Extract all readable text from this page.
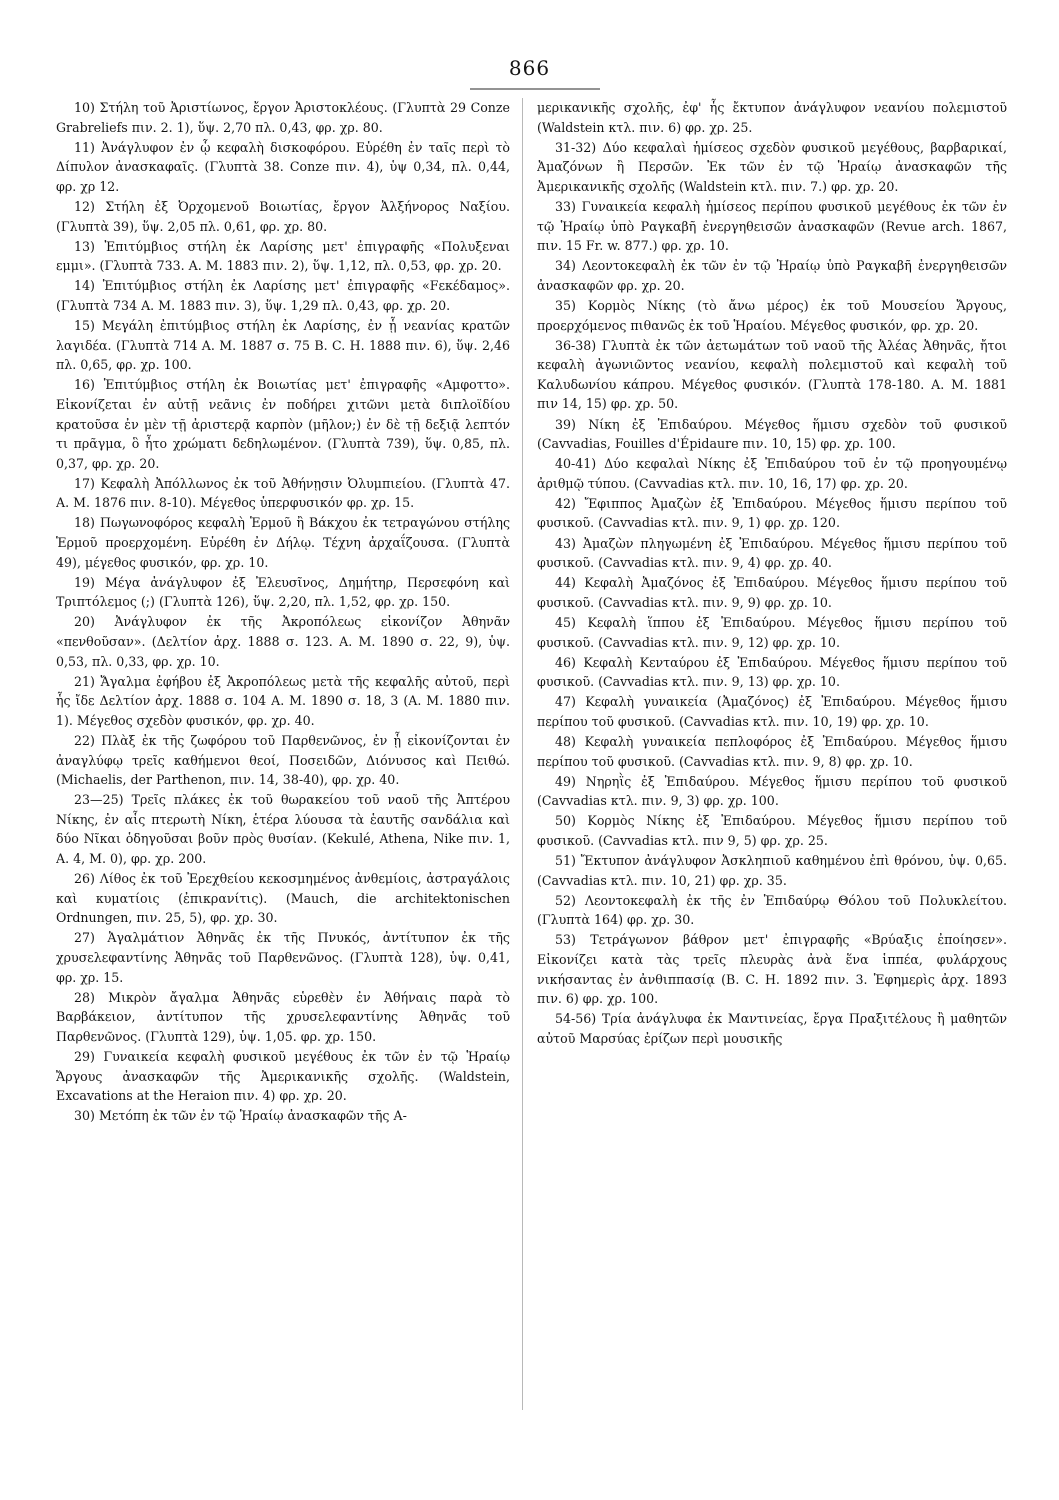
866

10) Στήλη τοῦ Ἀριστίωνος, ἔργον Ἀριστοκλέους. (Γλυπτὰ 29 Conze Grabreliefs πιν. 2. 1), ὕψ. 2,70 πλ. 0,43, φρ. χρ. 80.

11) Ἀνάγλυφον ἐν ᾧ κεφαλὴ δισκοφόρου. Εὑρέθη ἐν ταῖς περὶ τὸ Δίπυλον ἀνασκαφαῖς. (Γλυπτὰ 38. Conze πιν. 4), ὑψ 0,34, πλ. 0,44, φρ. χρ 12.

12) Στήλη ἐξ Ὀρχομενοῦ Βοιωτίας, ἔργον Ἀλξήνορος Ναξίου. (Γλυπτὰ 39), ὕψ. 2,05 πλ. 0,61, φρ. χρ. 80.

13) Ἐπιτύμβιος στήλη ἐκ Λαρίσης μετ' ἐπιγραφῆς «Πολυξεναι εμμι». (Γλυπτὰ 733. Α. Μ. 1883 πιν. 2), ὕψ. 1,12, πλ. 0,53, φρ. χρ. 20.

14) Ἐπιτύμβιος στήλη ἐκ Λαρίσης μετ' ἐπιγραφῆς «Fεκέδαμος». (Γλυπτὰ 734 Α. Μ. 1883 πιν. 3), ὕψ. 1,29 πλ. 0,43, φρ. χρ. 20.

15) Μεγάλη ἐπιτύμβιος στήλη ἐκ Λαρίσης, ἐν ᾗ νεανίας κρατῶν λαγιδέα. (Γλυπτὰ 714 Α. Μ. 1887 σ. 75 B. C. H. 1888 πιν. 6), ὕψ. 2,46 πλ. 0,65, φρ. χρ. 100.

16) Ἐπιτύμβιος στήλη ἐκ Βοιωτίας μετ' ἐπιγραφῆς «Αμφοττο». Εἰκονίζεται ἐν αὐτῇ νεᾶνις ἐν ποδήρει χιτῶνι μετὰ διπλοϊδίου κρατοῦσα ἐν μὲν τῇ ἀριστερᾷ καρπὸν (μῆλον;) ἐν δὲ τῇ δεξιᾷ λεπτόν τι πρᾶγμα, ὃ ἦτο χρώματι δεδηλωμένον. (Γλυπτὰ 739), ὕψ. 0,85, πλ. 0,37, φρ. χρ. 20.

17) Κεφαλὴ Ἀπόλλωνος ἐκ τοῦ Ἀθήνῃσιν Ὀλυμπιείου. (Γλυπτὰ 47. Α. Μ. 1876 πιν. 8-10). Μέγεθος ὑπερφυσικόν φρ. χρ. 15.

18) Πωγωνοφόρος κεφαλὴ Ἑρμοῦ ἢ Βάκχου ἐκ τετραγώνου στήλης Ἑρμοῦ προερχομένη. Εὑρέθη ἐν Δήλῳ. Τέχνη ἀρχαΐζουσα. (Γλυπτὰ 49), μέγεθος φυσικόν, φρ. χρ. 10.

19) Μέγα ἀνάγλυφον ἐξ Ἐλευσῖνος, Δημήτηρ, Περσεφόνη καὶ Τριπτόλεμος (;) (Γλυπτὰ 126), ὕψ. 2,20, πλ. 1,52, φρ. χρ. 150.

20) Ἀνάγλυφον ἐκ τῆς Ἀκροπόλεως εἰκονίζον Ἀθηνᾶν «πενθοῦσαν». (Δελτίον ἀρχ. 1888 σ. 123. Α. Μ. 1890 σ. 22, 9), ὑψ. 0,53, πλ. 0,33, φρ. χρ. 10.

21) Ἄγαλμα ἐφήβου ἐξ Ἀκροπόλεως μετὰ τῆς κεφαλῆς αὐτοῦ, περὶ ἧς ἴδε Δελτίον ἀρχ. 1888 σ. 104 Α. Μ. 1890 σ. 18, 3 (Α. Μ. 1880 πιν. 1). Μέγεθος σχεδὸν φυσικόν, φρ. χρ. 40.

22) Πλὰξ ἐκ τῆς ζωφόρου τοῦ Παρθενῶνος, ἐν ᾗ εἰκονίζονται ἐν ἀναγλύφῳ τρεῖς καθήμενοι θεοί, Ποσειδῶν, Διόνυσος καὶ Πειθώ. (Michaelis, der Parthenon, πιν. 14, 38-40), φρ. χρ. 40.

23—25) Τρεῖς πλάκες ἐκ τοῦ θωρακείου τοῦ ναοῦ τῆς Ἀπτέρου Νίκης, ἐν αἷς πτερωτὴ Νίκη, ἑτέρα λύουσα τὰ ἑαυτῆς σανδάλια καὶ δύο Νῖκαι ὁδηγοῦσαι βοῦν πρὸς θυσίαν. (Kekulé, Athena, Nike πιν. 1, Α. 4, Μ. 0), φρ. χρ. 200.

26) Λίθος ἐκ τοῦ Ἐρεχθείου κεκοσμημένος ἀνθεμίοις, ἀστραγάλοις καὶ κυματίοις (ἐπικρανίτις). (Mauch, die architektonischen Ordnungen, πιν. 25, 5), φρ. χρ. 30.

27) Ἀγαλμάτιον Ἀθηνᾶς ἐκ τῆς Πνυκός, ἀντίτυπον ἐκ τῆς χρυσελεφαντίνης Ἀθηνᾶς τοῦ Παρθενῶνος. (Γλυπτὰ 128), ὑψ. 0,41, φρ. χρ. 15.

28) Μικρὸν ἄγαλμα Ἀθηνᾶς εὑρεθὲν ἐν Ἀθήναις παρὰ τὸ Βαρβάκειον, ἀντίτυπον τῆς χρυσελεφαντίνης Ἀθηνᾶς τοῦ Παρθενῶνος. (Γλυπτὰ 129), ὑψ. 1,05. φρ. χρ. 150.

29) Γυναικεία κεφαλὴ φυσικοῦ μεγέθους ἐκ τῶν ἐν τῷ Ἡραίῳ Ἄργους ἀνασκαφῶν τῆς Ἀμερικανικῆς σχολῆς. (Waldstein, Excavations at the Heraion πιν. 4) φρ. χρ. 20.

30) Μετόπη ἐκ τῶν ἐν τῷ Ἡραίῳ ἀνασκαφῶν τῆς Α-

μερικανικῆς σχολῆς, ἐφ' ἧς ἔκτυπον ἀνάγλυφον νεανίου πολεμιστοῦ (Waldstein κτλ. πιν. 6) φρ. χρ. 25.

31-32) Δύο κεφαλαὶ ἡμίσεος σχεδὸν φυσικοῦ μεγέθους, βαρβαρικαί, Ἀμαζόνων ἢ Περσῶν. Ἐκ τῶν ἐν τῷ Ἡραίῳ ἀνασκαφῶν τῆς Ἀμερικανικῆς σχολῆς (Waldstein κτλ. πιν. 7.) φρ. χρ. 20.

33) Γυναικεία κεφαλὴ ἡμίσεος περίπου φυσικοῦ μεγέθους ἐκ τῶν ἐν τῷ Ἡραίῳ ὑπὸ Ραγκαβῆ ἐνεργηθεισῶν ἀνασκαφῶν (Revue arch. 1867, πιν. 15 Fr. w. 877.) φρ. χρ. 10.

34) Λεοντοκεφαλὴ ἐκ τῶν ἐν τῷ Ἡραίῳ ὑπὸ Ραγκαβῆ ἐνεργηθεισῶν ἀνασκαφῶν φρ. χρ. 20.

35) Κορμὸς Νίκης (τὸ ἄνω μέρος) ἐκ τοῦ Μουσείου Ἄργους, προερχόμενος πιθανῶς ἐκ τοῦ Ἡραίου. Μέγεθος φυσικόν, φρ. χρ. 20.

36-38) Γλυπτὰ ἐκ τῶν ἀετωμάτων τοῦ ναοῦ τῆς Ἀλέας Ἀθηνᾶς, ἤτοι κεφαλὴ ἀγωνιῶντος νεανίου, κεφαλὴ πολεμιστοῦ καὶ κεφαλὴ τοῦ Καλυδωνίου κάπρου. Μέγεθος φυσικόν. (Γλυπτὰ 178-180. Α. Μ. 1881 πιν 14, 15) φρ. χρ. 50.

39) Νίκη ἐξ Ἐπιδαύρου. Μέγεθος ἥμισυ σχεδὸν τοῦ φυσικοῦ (Cavvadias, Fouilles d'Épidaure πιν. 10, 15) φρ. χρ. 100.

40-41) Δύο κεφαλαὶ Νίκης ἐξ Ἐπιδαύρου τοῦ ἐν τῷ προηγουμένῳ ἀριθμῷ τύπου. (Cavvadias κτλ. πιν. 10, 16, 17) φρ. χρ. 20.

42) Ἔφιππος Ἀμαζὼν ἐξ Ἐπιδαύρου. Μέγεθος ἥμισυ περίπου τοῦ φυσικοῦ. (Cavvadias κτλ. πιν. 9, 1) φρ. χρ. 120.

43) Ἀμαζὼν πληγωμένη ἐξ Ἐπιδαύρου. Μέγεθος ἥμισυ περίπου τοῦ φυσικοῦ. (Cavvadias κτλ. πιν. 9, 4) φρ. χρ. 40.

44) Κεφαλὴ Ἀμαζόνος ἐξ Ἐπιδαύρου. Μέγεθος ἥμισυ περίπου τοῦ φυσικοῦ. (Cavvadias κτλ. πιν. 9, 9) φρ. χρ. 10.

45) Κεφαλὴ ἵππου ἐξ Ἐπιδαύρου. Μέγεθος ἥμισυ περίπου τοῦ φυσικοῦ. (Cavvadias κτλ. πιν. 9, 12) φρ. χρ. 10.

46) Κεφαλὴ Κενταύρου ἐξ Ἐπιδαύρου. Μέγεθος ἥμισυ περίπου τοῦ φυσικοῦ. (Cavvadias κτλ. πιν. 9, 13) φρ. χρ. 10.

47) Κεφαλὴ γυναικεία (Ἀμαζόνος) ἐξ Ἐπιδαύρου. Μέγεθος ἥμισυ περίπου τοῦ φυσικοῦ. (Cavvadias κτλ. πιν. 10, 19) φρ. χρ. 10.

48) Κεφαλὴ γυναικεία πεπλοφόρος ἐξ Ἐπιδαύρου. Μέγεθος ἥμισυ περίπου τοῦ φυσικοῦ. (Cavvadias κτλ. πιν. 9, 8) φρ. χρ. 10.

49) Νηρηῒς ἐξ Ἐπιδαύρου. Μέγεθος ἥμισυ περίπου τοῦ φυσικοῦ (Cavvadias κτλ. πιν. 9, 3) φρ. χρ. 100.

50) Κορμὸς Νίκης ἐξ Ἐπιδαύρου. Μέγεθος ἥμισυ περίπου τοῦ φυσικοῦ. (Cavvadias κτλ. πιν 9, 5) φρ. χρ. 25.

51) Ἔκτυπον ἀνάγλυφον Ἀσκληπιοῦ καθημένου ἐπὶ θρόνου, ὑψ. 0,65. (Cavvadias κτλ. πιν. 10, 21) φρ. χρ. 35.

52) Λεοντοκεφαλὴ ἐκ τῆς ἐν Ἐπιδαύρῳ Θόλου τοῦ Πολυκλείτου. (Γλυπτὰ 164) φρ. χρ. 30.

53) Τετράγωνον βάθρον μετ' ἐπιγραφῆς «Βρύαξις ἐποίησεν». Εἰκονίζει κατὰ τὰς τρεῖς πλευρὰς ἀνὰ ἕνα ἱππέα, φυλάρχους νικήσαντας ἐν ἀνθιππασίᾳ (B. C. H. 1892 πιν. 3. Ἐφημερὶς ἀρχ. 1893 πιν. 6) φρ. χρ. 100.

54-56) Τρία ἀνάγλυφα ἐκ Μαντινείας, ἔργα Πραξιτέλους ἢ μαθητῶν αὐτοῦ Μαρσύας ἐρίζων περὶ μουσικῆς
